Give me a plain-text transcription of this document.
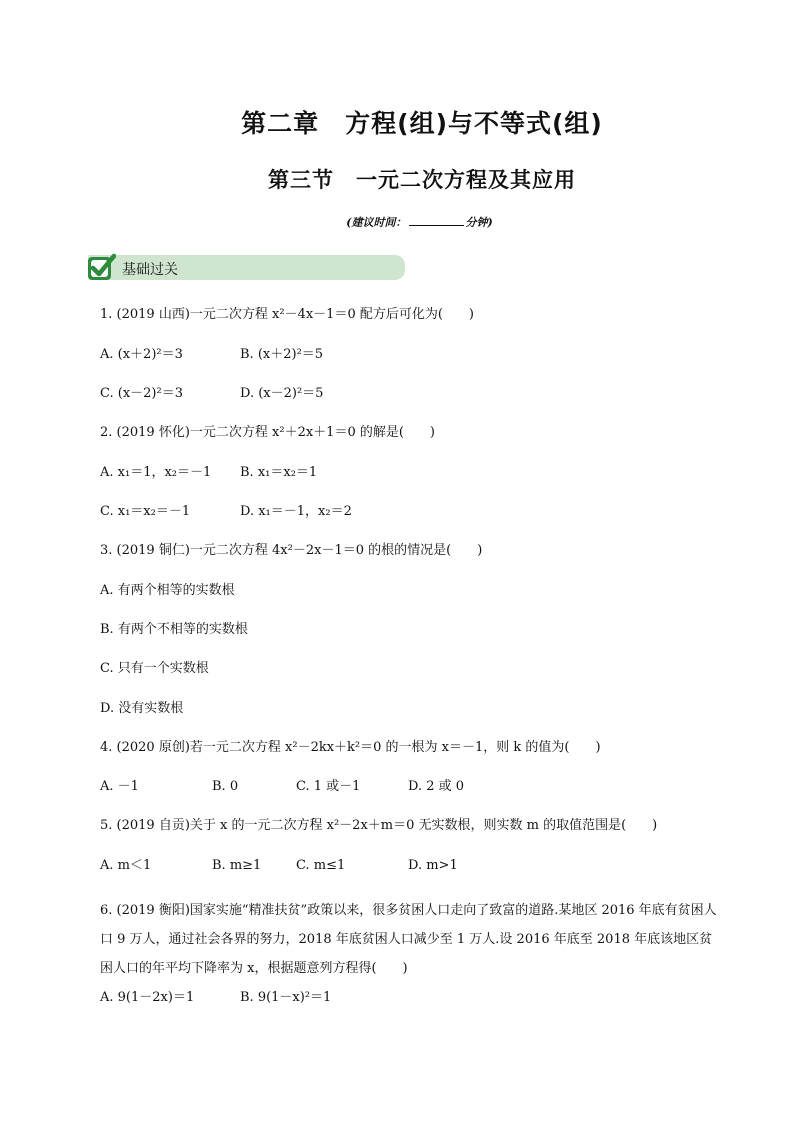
第二章　方程(组)与不等式(组)
第三节　一元二次方程及其应用
(建议时间：	分钟)
基础过关
1. (2019 山西)一元二次方程 x²－4x－1＝0 配方后可化为(　　)
A. (x＋2)²＝3	B. (x＋2)²＝5
C. (x－2)²＝3	D. (x－2)²＝5
2. (2019 怀化)一元二次方程 x²＋2x＋1＝0 的解是(　　)
A. x₁＝1，x₂＝－1 B. x₁＝x₂＝1
C. x₁＝x₂＝－1	D. x₁＝－1，x₂＝2
3. (2019 铜仁)一元二次方程 4x²－2x－1＝0 的根的情况是(　　)
A. 有两个相等的实数根
B. 有两个不相等的实数根
C. 只有一个实数根
D. 没有实数根
4. (2020 原创)若一元二次方程 x²－2kx＋k²＝0 的一根为 x＝－1，则 k 的值为(　　)
A. －1	B. 0	C. 1 或－1	D. 2 或 0
5. (2019 自贡)关于 x 的一元二次方程 x²－2x＋m＝0 无实数根，则实数 m 的取值范围是(　　)
A. m＜1	B. m≥1	C. m≤1	D. m>1
6. (2019 衡阳)国家实施“精准扶贫”政策以来，很多贫困人口走向了致富的道路.某地区 2016 年底有贫困人口 9 万人，通过社会各界的努力，2018 年底贫困人口减少至 1 万人.设 2016 年底至 2018 年底该地区贫困人口的年平均下降率为 x，根据题意列方程得(　　)
A. 9(1－2x)＝1	B. 9(1－x)²＝1
